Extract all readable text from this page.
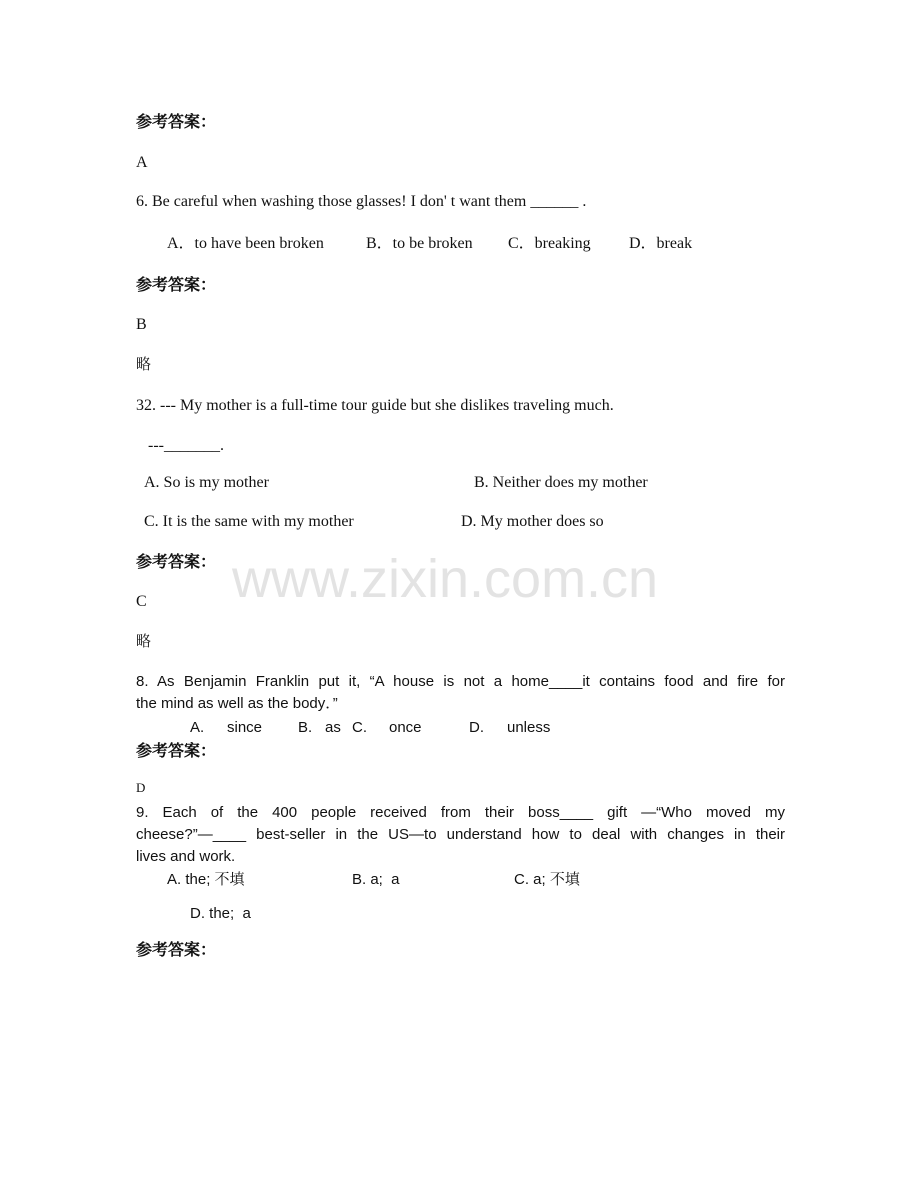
www.zixin.com.cn
参考答案：
A
6. Be careful when washing those glasses! I don' t want them ______ .
A．to have been broken	B．to be broken C．breaking D．break
参考答案：
B
略
32. --- My mother is a full-time tour guide but she dislikes traveling much.
---_______.
A. So is my mother	B. Neither does my mother
C. It is the same with my mother	D. My mother does so
参考答案：
C
略
8. As Benjamin Franklin put it, “A house is not a home____it contains food and fire for
the mind as well as the body．”
A. since B. as C. once	D. unless
参考答案：
D
9. Each of the 400 people received from their boss____ gift —“Who moved my
cheese?”—____ best-seller in the US—to understand how to deal with changes in their
lives and work.
A. the; 不填	B. a;  a	C. a; 不填
D. the;  a
参考答案：
